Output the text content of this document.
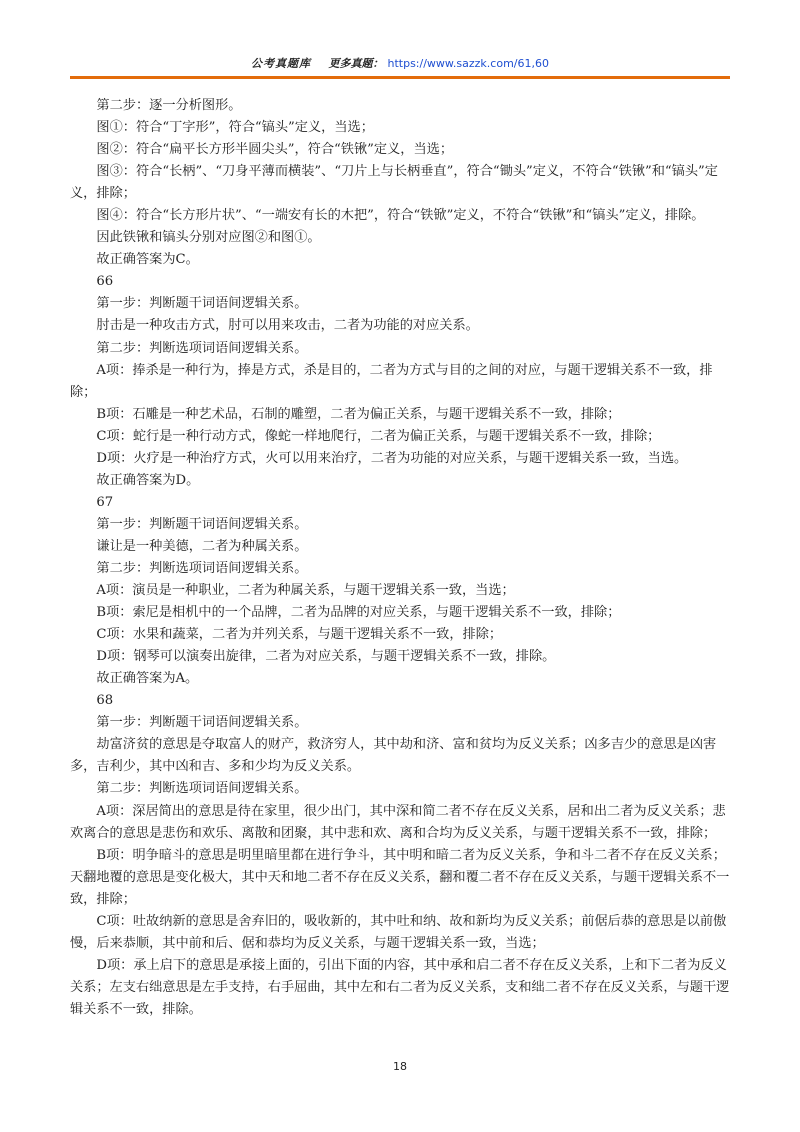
公考真题库 更多真题： https://www.sazzk.com/61,60

第二步：逐一分析图形。

图①：符合“丁字形”，符合“镐头”定义，当选；

图②：符合“扁平长方形半圆尖头”，符合“铁锹”定义，当选；

图③：符合“长柄”、“刀身平薄而横装”、“刀片上与长柄垂直”，符合“锄头”定义，不符合“铁锹”和“镐头”定义，排除；

图④：符合“长方形片状”、“一端安有长的木把”，符合“铁锨”定义，不符合“铁锹”和“镐头”定义，排除。

因此铁锹和镐头分别对应图②和图①。

故正确答案为C。

66

第一步：判断题干词语间逻辑关系。

肘击是一种攻击方式，肘可以用来攻击，二者为功能的对应关系。

第二步：判断选项词语间逻辑关系。

A项：捧杀是一种行为，捧是方式，杀是目的，二者为方式与目的之间的对应，与题干逻辑关系不一致，排除；

B项：石雕是一种艺术品，石制的雕塑，二者为偏正关系，与题干逻辑关系不一致，排除；

C项：蛇行是一种行动方式，像蛇一样地爬行，二者为偏正关系，与题干逻辑关系不一致，排除；

D项：火疗是一种治疗方式，火可以用来治疗，二者为功能的对应关系，与题干逻辑关系一致，当选。

故正确答案为D。

67

第一步：判断题干词语间逻辑关系。

谦让是一种美德，二者为种属关系。

第二步：判断选项词语间逻辑关系。

A项：演员是一种职业，二者为种属关系，与题干逻辑关系一致，当选；

B项：索尼是相机中的一个品牌，二者为品牌的对应关系，与题干逻辑关系不一致，排除；

C项：水果和蔬菜，二者为并列关系，与题干逻辑关系不一致，排除；

D项：钢琴可以演奏出旋律，二者为对应关系，与题干逻辑关系不一致，排除。

故正确答案为A。

68

第一步：判断题干词语间逻辑关系。

劫富济贫的意思是夺取富人的财产，救济穷人，其中劫和济、富和贫均为反义关系；凶多吉少的意思是凶害多，吉利少，其中凶和吉、多和少均为反义关系。

第二步：判断选项词语间逻辑关系。

A项：深居简出的意思是待在家里，很少出门，其中深和简二者不存在反义关系，居和出二者为反义关系；悲欢离合的意思是悲伤和欢乐、离散和团聚，其中悲和欢、离和合均为反义关系，与题干逻辑关系不一致，排除；

B项：明争暗斗的意思是明里暗里都在进行争斗，其中明和暗二者为反义关系，争和斗二者不存在反义关系；天翻地覆的意思是变化极大，其中天和地二者不存在反义关系，翻和覆二者不存在反义关系，与题干逻辑关系不一致，排除；

C项：吐故纳新的意思是舍弃旧的，吸收新的，其中吐和纳、故和新均为反义关系；前倨后恭的意思是以前傲慢，后来恭顺，其中前和后、倨和恭均为反义关系，与题干逻辑关系一致，当选；

D项：承上启下的意思是承接上面的，引出下面的内容，其中承和启二者不存在反义关系，上和下二者为反义关系；左支右绌意思是左手支持，右手屈曲，其中左和右二者为反义关系，支和绌二者不存在反义关系，与题干逻辑关系不一致，排除。

18
